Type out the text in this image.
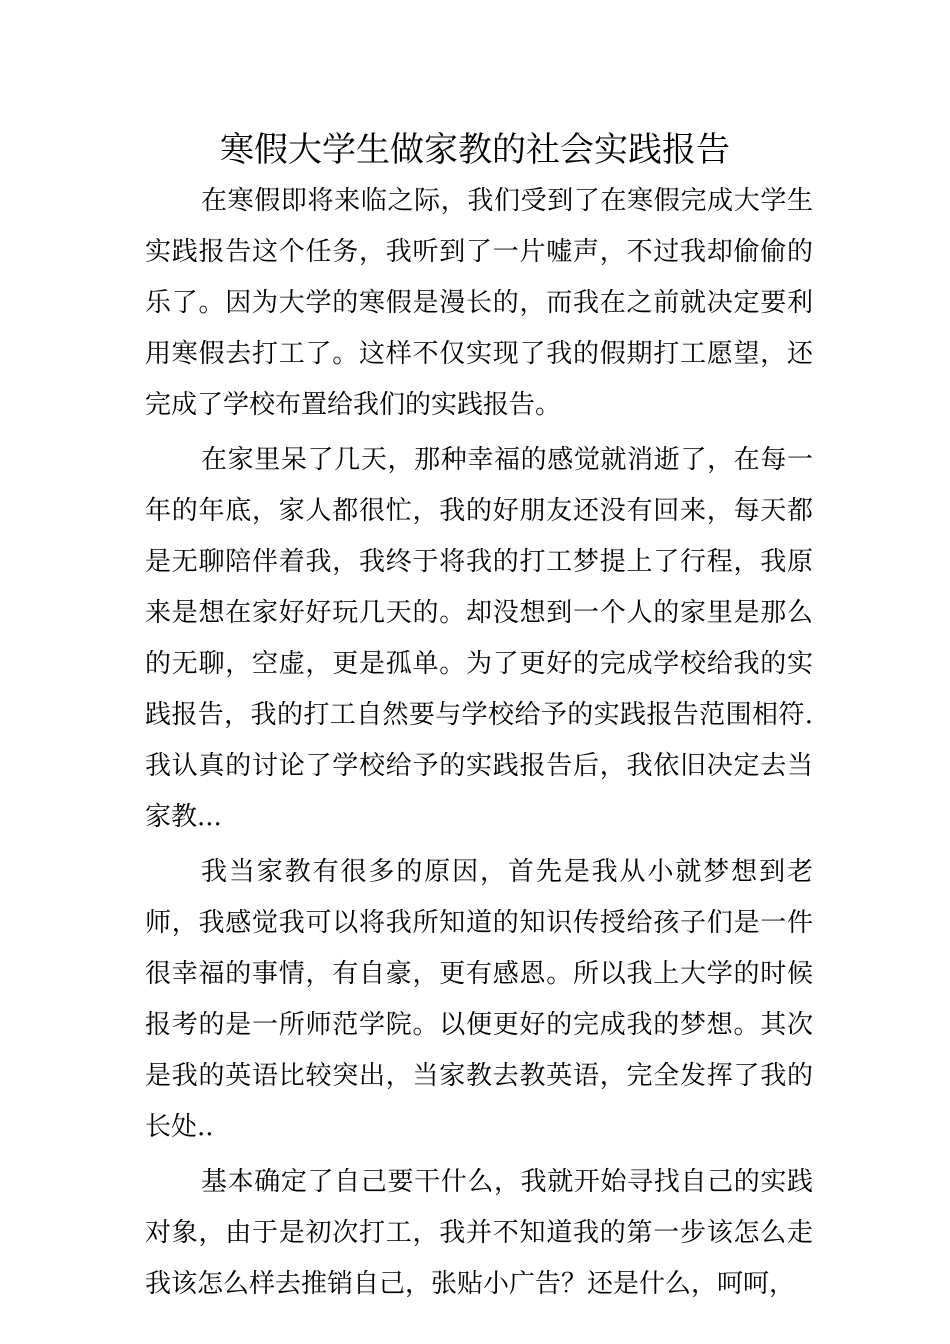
寒假大学生做家教的社会实践报告

在寒假即将来临之际，我们受到了在寒假完成大学生实践报告这个任务，我听到了一片嘘声，不过我却偷偷的乐了。因为大学的寒假是漫长的，而我在之前就决定要利用寒假去打工了。这样不仅实现了我的假期打工愿望，还完成了学校布置给我们的实践报告。

在家里呆了几天，那种幸福的感觉就消逝了，在每一年的年底，家人都很忙，我的好朋友还没有回来，每天都是无聊陪伴着我，我终于将我的打工梦提上了行程，我原来是想在家好好玩几天的。却没想到一个人的家里是那么的无聊，空虚，更是孤单。为了更好的完成学校给我的实践报告，我的打工自然要与学校给予的实践报告范围相符.我认真的讨论了学校给予的实践报告后，我依旧决定去当家教...

我当家教有很多的原因，首先是我从小就梦想到老师，我感觉我可以将我所知道的知识传授给孩子们是一件很幸福的事情，有自豪，更有感恩。所以我上大学的时候报考的是一所师范学院。以便更好的完成我的梦想。其次是我的英语比较突出，当家教去教英语，完全发挥了我的长处..

基本确定了自己要干什么，我就开始寻找自己的实践对象，由于是初次打工，我并不知道我的第一步该怎么走我该怎么样去推销自己，张贴小广告？还是什么，呵呵，
